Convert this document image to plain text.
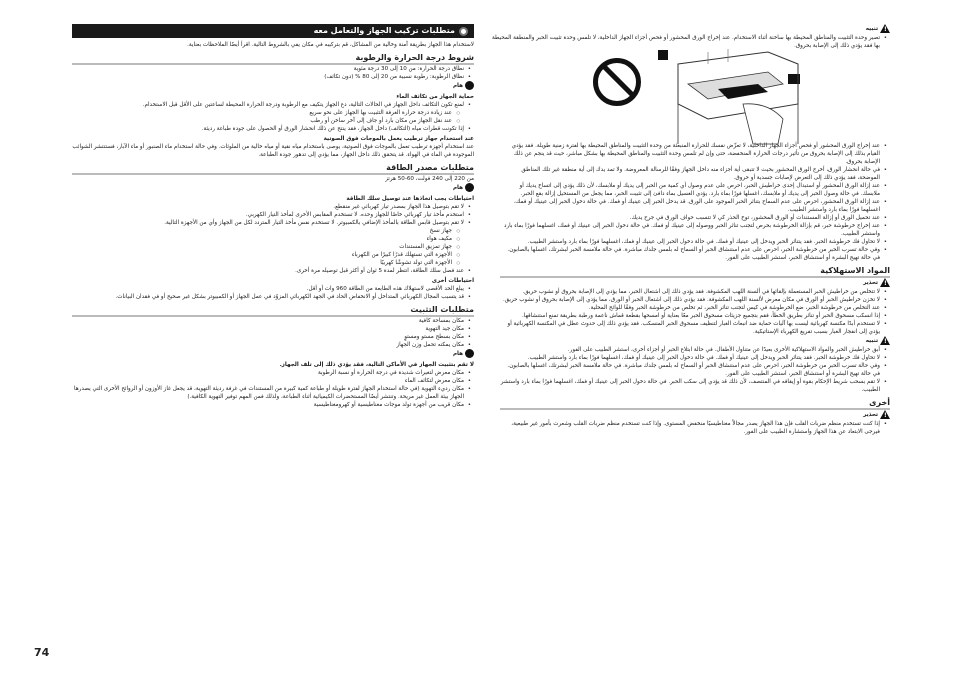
متطلبات تركيب الجهاز والتعامل معه

لاستخدام هذا الجهاز بطريقة آمنة وخالية من المشاكل، قم بتركيبه في مكان يفي بالشروط التالية. اقرأ أيضًا الملاحظات بعناية.

شروط درجة الحرارة والرطوبة
• نطاق درجة الحرارة: من 10 إلى 30 درجة مئوية
• نطاق الرطوبة: رطوبة نسبية من 20 إلى 80 % (دون تكاثف)
هام
حماية الجهاز من تكاثف الماء
• لمنع تكون التكاثف داخل الجهاز في الحالات التالية، دع الجهاز يتكيف مع الرطوبة ودرجة الحرارة المحيطة لساعتين على الأقل قبل الاستخدام.
○ عند زيادة درجة حرارة الغرفة التثبيت بها الجهاز على نحو سريع
○ عند نقل الجهاز من مكان بارد أو جاف إلى آخر ساخن أو رطب
• إذا تكونت قطرات مياه (التكاثف) داخل الجهاز، فقد ينتج عن ذلك انحشار الورق أو الحصول على جودة طباعة رديئة.
عند استخدام جهاز ترطيب يعمل بالموجات فوق الصوتية

عند استخدام أجهزة ترطيب تعمل بالموجات فوق الصوتية، يوصى باستخدام مياه نقية أو مياه خالية من الملوثات. وفي حالة استخدام ماء الصنبور أو ماء الآبار، فستنتشر الشوائب الموجودة في الماء في الهواء. قد يتحقق ذلك داخل الجهاز، مما يؤدي إلى تدهور جودة الطباعة.

متطلبات مصدر الطاقة

من 220 إلى 240 فولت، 60-50 هرتز

هام
احتياطات يجب اتخاذها عند توصيل سلك الطاقة
• لا تقم بتوصيل هذا الجهاز بمصدر تيار كهربائي غير منقطع.
• استخدم مأخذ تيار كهربائي خاصًا للجهاز وحده. لا تستخدم المقابس الأخرى لمأخذ التيار الكهربي.
• لا تقم بتوصيل قابس الطاقة بالمأخذ الإضافي بالكمبيوتر. لا تستخدم نفس مأخذ التيار المتردد لكل من الجهاز وأي من الأجهزة التالية.
○ جهاز نسخ
○ مكيف هواء
○ جهاز تمزيق المستندات
○ الأجهزة التي تستهلك قدرًا كبيرًا من الكهرباء
○ الأجهزة التي تولد تشوشًا كهربيًا
• عند فصل سلك الطاقة، انتظر لمدة 5 ثوان أو أكثر قبل توصيله مرة أخرى.
احتياطات أخرى
• يبلغ الحد الأقصى لاستهلاك هذه الطابعة من الطاقة 960 وات أو أقل.
• قد يتسبب المجال الكهربائي المتداخل أو الانخفاض الحاد في الجهد الكهربائي المزوّد في عمل الجهاز أو الكمبيوتر بشكل غير صحيح أو في فقدان البيانات.
متطلبات التثبيت
• مكان بمساحة كافية
• مكان جيد التهوية
• مكان بسطح مستو ومستوٍ
• مكان يمكنه تحمل وزن الجهاز
هام
لا تقم بتثبيت الجهاز في الأماكن التالية، فقد يؤدي ذلك إلى تلف الجهاز.
• مكان معرض لتغيرات شديدة في درجة الحرارة أو نسبة الرطوبة
• مكان معرض لتكاثف الماء
• مكان رديء التهوية (في حالة استخدام الجهاز لفترة طويلة أو طباعة كمية كبيرة من المستندات في غرفة رديئة التهوية، قد يجعل غاز الأوزون أو الروائح الأخرى التي يصدرها الجهاز بيئة العمل غير مريحة. وتنتشر أيضًا المستحضرات الكيميائية أثناء الطباعة، ولذلك فمن المهم توفير التهوية الكافية.)
• مكان قريب من أجهزة تولد موجات مغناطيسية أو كهرومغناطيسية
! تنبيه
• تصير وحدة التثبيت والمناطق المحيطة بها ساخنة أثناء الاستخدام. عند إخراج الورق المحشور أو فحص أجزاء الجهاز الداخلية، لا تلمس وحدة تثبيت الحبر والمنطقة المحيطة بها فقد يؤدي ذلك إلى الإصابة بحروق.
• عند إخراج الورق المحشور أو فحص أجزاء الجهاز الداخلية، لا تعرِّض نفسك للحرارة المنبعثة من وحدة التثبيت والمناطق المحيطة بها لفترة زمنية طويلة. فقد يؤدي القيام بذلك إلى الإصابة بحروق من تأثير درجات الحرارة المنخفضة، حتى وإن لم تلمس وحدة التثبيت والمناطق المحيطة بها بشكل مباشر، حيث قد ينجم عن ذلك الإصابة بحروق.
• في حالة انحشار الورق، أخرج الورق المحشور بحيث لا تتبقى أية أجزاء منه داخل الجهاز وفقًا للرسالة المعروضة. ولا تمد يدك إلى أية منطقة غير تلك المناطق الموضحة، فقد يؤدي ذلك إلى التعرض لإصابات جسدية أو حروق.
• عند إزالة الورق المحشور أو استبدال إحدى خراطيش الحبر، احرص على عدم وصول أي كمية من الحبر إلى يديك أو ملابسك، لأن ذلك يؤدي إلى اتساخ يديك أو ملابسك. في حالة وصول الحبر إلى يديك أو ملابسك، اغسلها فورًا بماء بارد. يؤدي الغسيل بماء دافئ إلى تثبيت الحبر، مما يجعل من المستحيل إزالة بقع الحبر.
• عند إزالة الورق المحشور، احرص على عدم السماح بتناثر الحبر الموجود على الورق. قد يدخل الحبر إلى عينيك أو فمك. في حالة دخول الحبر إلى عينيك أو فمك، اغسلهما فورًا بماء بارد واستشر الطبيب.
• عند تحميل الورق أو إزالة المستندات أو الورق المحشور، توخ الحذر كي لا تتسبب حواف الورق في جرح يديك.
• عند إخراج خرطوشة حبر، قم بإزالة الخرطوشة بحرص لتجنب تناثر الحبر ووصوله إلى عينيك أو فمك. في حالة دخول الحبر إلى عينيك أو فمك، اغسلهما فورًا بماء بارد واستشر الطبيب.
• لا تحاول فك خرطوشة الحبر. فقد يتناثر الحبر ويدخل إلى عينيك أو فمك. في حالة دخول الحبر إلى عينيك أو فمك، اغسلهما فورًا بماء بارد واستشر الطبيب.
• وفي حالة تسرب الحبر من خرطوشة الحبر، احرص على عدم استنشاق الحبر أو السماح له بلمس جلدك مباشرة. في حالة ملامسة الحبر لبشرتك، اغسلها بالصابون. في حالة تهيج البشرة أو استنشاق الحبر، استشر الطبيب على الفور.
المواد الاستهلاكية
! تحذير
• لا تتخلص من خراطيش الحبر المستعملة بإلقائها في ألسنة اللهب المكشوفة. فقد يؤدي ذلك إلى اشتعال الحبر، مما يؤدي إلى الإصابة بحروق أو نشوب حريق.
• لا تخزن خراطيش الحبر أو الورق في مكان معرض لألسنة اللهب المكشوفة. فقد يؤدي ذلك إلى اشتعال الحبر أو الورق، مما يؤدي إلى الإصابة بحروق أو نشوب حريق.
• عند التخلص من خرطوشة الحبر، ضع الخرطوشة في كيس لتجنب تناثر الحبر، ثم تخلص من خرطوشة الحبر وفقًا للوائح المحلية.
• إذا انسكب مسحوق الحبر أو تناثر بطريق الخطأ، فقم بتجميع جزيئات مسحوق الحبر معًا بعناية أو امسحها بقطعة قماش ناعمة ورطبة بطريقة تمنع استنشاقها.
• لا تستخدم أبدًا مكنسة كهربائية ليست بها آليات حماية ضد انبعاث الغبار لتنظيف مسحوق الحبر المنسكب. فقد يؤدي ذلك إلى حدوث عطل في المكنسة الكهربائية أو يؤدي إلى انفجار الغبار بسبب تفريغ الكهرباء الإستاتيكية.
! تنبيه
• أبق خراطيش الحبر والمواد الاستهلاكية الأخرى بعيدًا عن متناول الأطفال. في حالة ابتلاع الحبر أو أجزاء أخرى، استشر الطبيب على الفور.
• لا تحاول فك خرطوشة الحبر. فقد يتناثر الحبر ويدخل إلى عينيك أو فمك. في حالة دخول الحبر إلى عينيك أو فمك، اغسلهما فورًا بماء بارد واستشر الطبيب.
• وفي حالة تسرب الحبر من خرطوشة الحبر، احرص على عدم استنشاق الحبر أو السماح له بلمس جلدك مباشرة. في حالة ملامسة الحبر لبشرتك، اغسلها بالصابون. في حالة تهيج البشرة أو استنشاق الحبر، استشر الطبيب على الفور.
• لا تقم بسحب شريط الإحكام بقوة أو إيقافه في المنتصف، لأن ذلك قد يؤدي إلى سكب الحبر. في حالة دخول الحبر إلى عينيك أو فمك، اغسلهما فورًا بماء بارد واستشر الطبيب.
أخرى
! تحذير
• إذا كنت تستخدم منظم ضربات القلب فإن هذا الجهاز يصدر مجالاً مغناطيسيًا منخفض المستوى. وإذا كنت تستخدم منظم ضربات القلب وشعرت بأمور غير طبيعية، فيرجى الابتعاد عن هذا الجهاز واستشارة الطبيب على الفور.
74
